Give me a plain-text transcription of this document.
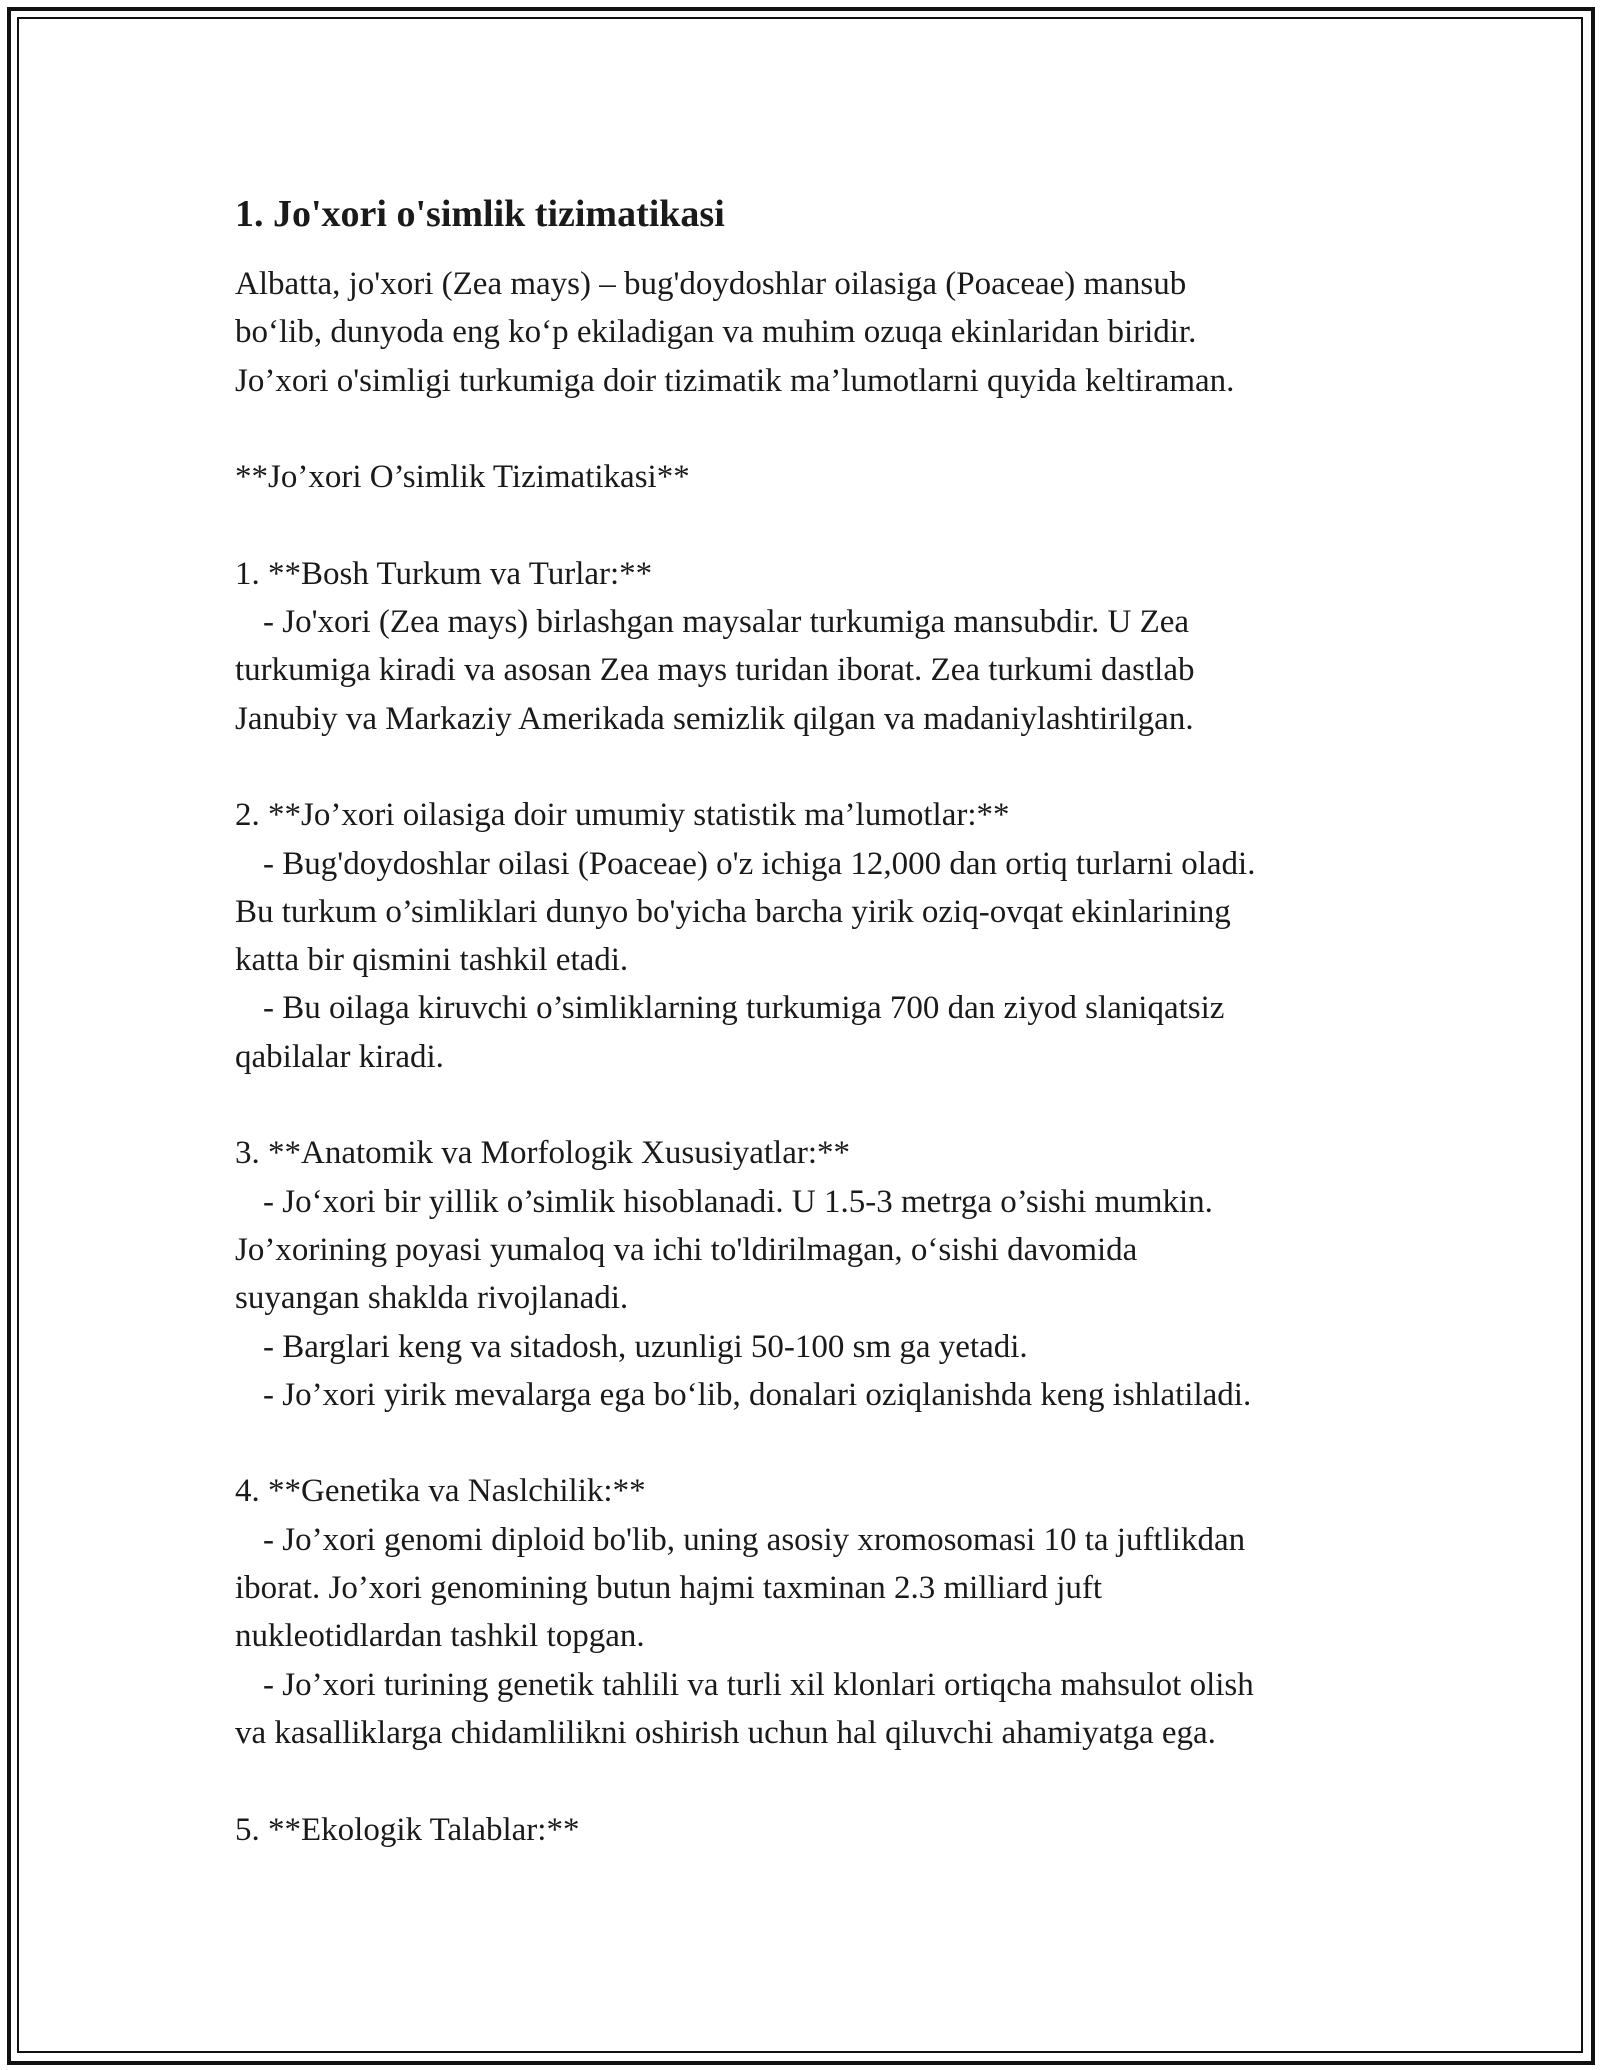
1. Jo'xori o'simlik tizimatikasi

Albatta, jo'xori (Zea mays) – bug'doydoshlar oilasiga (Poaceae) mansub

bo‘lib, dunyoda eng ko‘p ekiladigan va muhim ozuqa ekinlaridan biridir.

Jo’xori o'simligi turkumiga doir tizimatik ma’lumotlarni quyida keltiraman.

**Jo’xori O’simlik Tizimatikasi**

1. **Bosh Turkum va Turlar:**

- Jo'xori (Zea mays) birlashgan maysalar turkumiga mansubdir. U Zea

turkumiga kiradi va asosan Zea mays turidan iborat. Zea turkumi dastlab

Janubiy va Markaziy Amerikada semizlik qilgan va madaniylashtirilgan.

2. **Jo’xori oilasiga doir umumiy statistik ma’lumotlar:**

- Bug'doydoshlar oilasi (Poaceae) o'z ichiga 12,000 dan ortiq turlarni oladi.

Bu turkum o’simliklari dunyo bo'yicha barcha yirik oziq-ovqat ekinlarining

katta bir qismini tashkil etadi.

- Bu oilaga kiruvchi o’simliklarning turkumiga 700 dan ziyod slaniqatsiz

qabilalar kiradi.

3. **Anatomik va Morfologik Xususiyatlar:**

- Jo‘xori bir yillik o’simlik hisoblanadi. U 1.5-3 metrga o’sishi mumkin.

Jo’xorining poyasi yumaloq va ichi to'ldirilmagan, o‘sishi davomida

suyangan shaklda rivojlanadi.

- Barglari keng va sitadosh, uzunligi 50-100 sm ga yetadi.

- Jo’xori yirik mevalarga ega bo‘lib, donalari oziqlanishda keng ishlatiladi.

4. **Genetika va Naslchilik:**

- Jo’xori genomi diploid bo'lib, uning asosiy xromosomasi 10 ta juftlikdan

iborat. Jo’xori genomining butun hajmi taxminan 2.3 milliard juft

nukleotidlardan tashkil topgan.

- Jo’xori turining genetik tahlili va turli xil klonlari ortiqcha mahsulot olish

va kasalliklarga chidamlilikni oshirish uchun hal qiluvchi ahamiyatga ega.

5. **Ekologik Talablar:**
